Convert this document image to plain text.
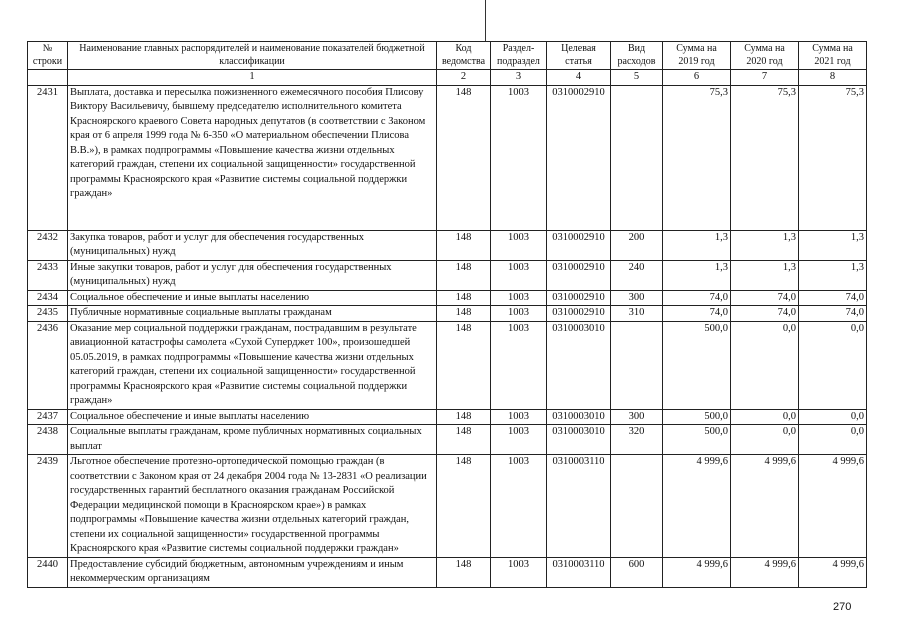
№ строки	Наименование главных распорядителей и наименование показателей бюджетной классификации	Код ведомства	Раздел-подраздел	Целевая статья	Вид расходов	Сумма на 2019 год	Сумма на 2020 год	Сумма на 2021 год
	1	2	3	4	5	6	7	8
2431	Выплата, доставка и пересылка пожизненного ежемесячного пособия Плисову Виктору Васильевичу, бывшему председателю исполнительного комитета Красноярского краевого Совета народных депутатов (в соответствии с Законом края от 6 апреля 1999 года № 6-350 «О материальном обеспечении Плисова В.В.»), в рамках подпрограммы «Повышение качества жизни отдельных категорий граждан, степени их социальной защищенности» государственной программы Красноярского края «Развитие системы социальной поддержки граждан»	148	1003	0310002910		75,3	75,3	75,3
2432	Закупка товаров, работ и услуг для обеспечения государственных (муниципальных) нужд	148	1003	0310002910	200	1,3	1,3	1,3
2433	Иные закупки товаров, работ и услуг для обеспечения государственных (муниципальных) нужд	148	1003	0310002910	240	1,3	1,3	1,3
2434	Социальное обеспечение и иные выплаты населению	148	1003	0310002910	300	74,0	74,0	74,0
2435	Публичные нормативные социальные выплаты гражданам	148	1003	0310002910	310	74,0	74,0	74,0
2436	Оказание мер социальной поддержки гражданам, пострадавшим в результате авиационной катастрофы самолета «Сухой Суперджет 100», произошедшей 05.05.2019, в рамках подпрограммы «Повышение качества жизни отдельных категорий граждан, степени их социальной защищенности» государственной программы Красноярского края «Развитие системы социальной поддержки граждан»	148	1003	0310003010		500,0	0,0	0,0
2437	Социальное обеспечение и иные выплаты населению	148	1003	0310003010	300	500,0	0,0	0,0
2438	Социальные выплаты гражданам, кроме публичных нормативных социальных выплат	148	1003	0310003010	320	500,0	0,0	0,0
2439	Льготное обеспечение протезно-ортопедической помощью граждан (в соответствии с Законом края от 24 декабря 2004 года № 13-2831 «О реализации государственных гарантий бесплатного оказания гражданам Российской Федерации медицинской помощи в Красноярском крае») в рамках подпрограммы «Повышение качества жизни отдельных категорий граждан, степени их социальной защищенности» государственной программы Красноярского края «Развитие системы социальной поддержки граждан»	148	1003	0310003110		4 999,6	4 999,6	4 999,6
2440	Предоставление субсидий бюджетным, автономным учреждениям и иным некоммерческим организациям	148	1003	0310003110	600	4 999,6	4 999,6	4 999,6
270
